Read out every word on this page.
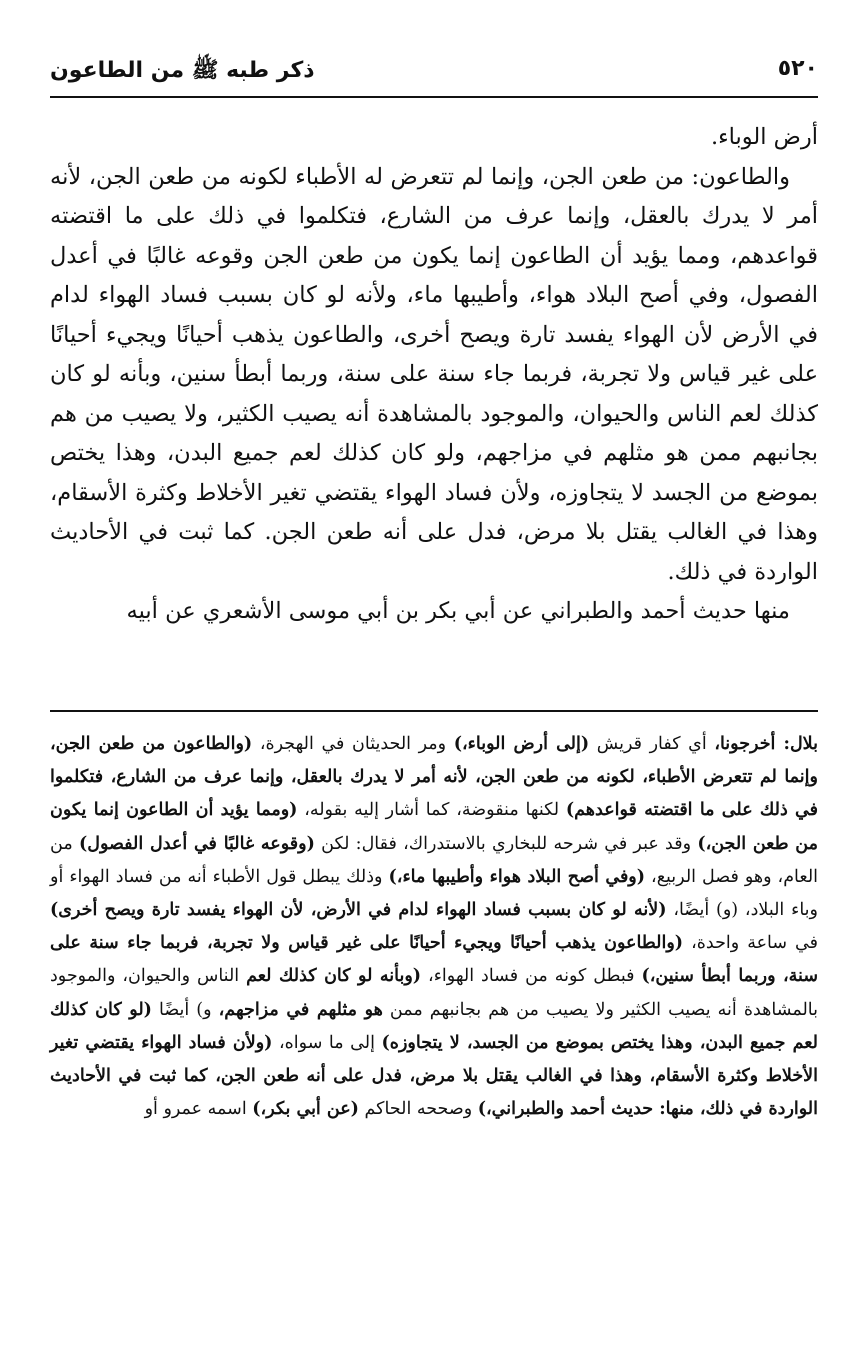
٥٢٠
ذكر طبه ﷺ من الطاعون

أرض الوباء.

والطاعون: من طعن الجن، وإنما لم تتعرض له الأطباء لكونه من طعن الجن، لأنه أمر لا يدرك بالعقل، وإنما عرف من الشارع، فتكلموا في ذلك على ما اقتضته قواعدهم، ومما يؤيد أن الطاعون إنما يكون من طعن الجن وقوعه غالبًا في أعدل الفصول، وفي أصح البلاد هواء، وأطيبها ماء، ولأنه لو كان بسبب فساد الهواء لدام في الأرض لأن الهواء يفسد تارة ويصح أخرى، والطاعون يذهب أحيانًا ويجيء أحيانًا على غير قياس ولا تجربة، فربما جاء سنة على سنة، وربما أبطأ سنين، وبأنه لو كان كذلك لعم الناس والحيوان، والموجود بالمشاهدة أنه يصيب الكثير، ولا يصيب من هم بجانبهم ممن هو مثلهم في مزاجهم، ولو كان كذلك لعم جميع البدن، وهذا يختص بموضع من الجسد لا يتجاوزه، ولأن فساد الهواء يقتضي تغير الأخلاط وكثرة الأسقام، وهذا في الغالب يقتل بلا مرض، فدل على أنه طعن الجن. كما ثبت في الأحاديث الواردة في ذلك.

منها حديث أحمد والطبراني عن أبي بكر بن أبي موسى الأشعري عن أبيه

بلال: أخرجونا، أي كفار قريش (إلى أرض الوباء،) ومر الحديثان في الهجرة، (والطاعون من طعن الجن، وإنما لم تتعرض الأطباء، لكونه من طعن الجن، لأنه أمر لا يدرك بالعقل، وإنما عرف من الشارع، فتكلموا في ذلك على ما اقتضته قواعدهم) لكنها منقوضة، كما أشار إليه بقوله، (ومما يؤيد أن الطاعون إنما يكون من طعن الجن،) وقد عبر في شرحه للبخاري بالاستدراك، فقال: لكن (وقوعه غالبًا في أعدل الفصول) من العام، وهو فصل الربيع، (وفي أصح البلاد هواء وأطيبها ماء،) وذلك يبطل قول الأطباء أنه من فساد الهواء أو وباء البلاد، (و) أيضًا، (لأنه لو كان بسبب فساد الهواء لدام في الأرض، لأن الهواء يفسد تارة ويصح أخرى) في ساعة واحدة، (والطاعون يذهب أحيانًا ويجيء أحيانًا على غير قياس ولا تجربة، فربما جاء سنة على سنة، وربما أبطأ سنين،) فبطل كونه من فساد الهواء، (وبأنه لو كان كذلك لعم الناس والحيوان، والموجود بالمشاهدة أنه يصيب الكثير ولا يصيب من هم بجانبهم ممن هو مثلهم في مزاجهم، و) أيضًا (لو كان كذلك لعم جميع البدن، وهذا يختص بموضع من الجسد، لا يتجاوزه) إلى ما سواه، (ولأن فساد الهواء يقتضي تغير الأخلاط وكثرة الأسقام، وهذا في الغالب يقتل بلا مرض، فدل على أنه طعن الجن، كما ثبت في الأحاديث الواردة في ذلك، منها: حديث أحمد والطبراني،) وصححه الحاكم (عن أبي بكر،) اسمه عمرو أو
